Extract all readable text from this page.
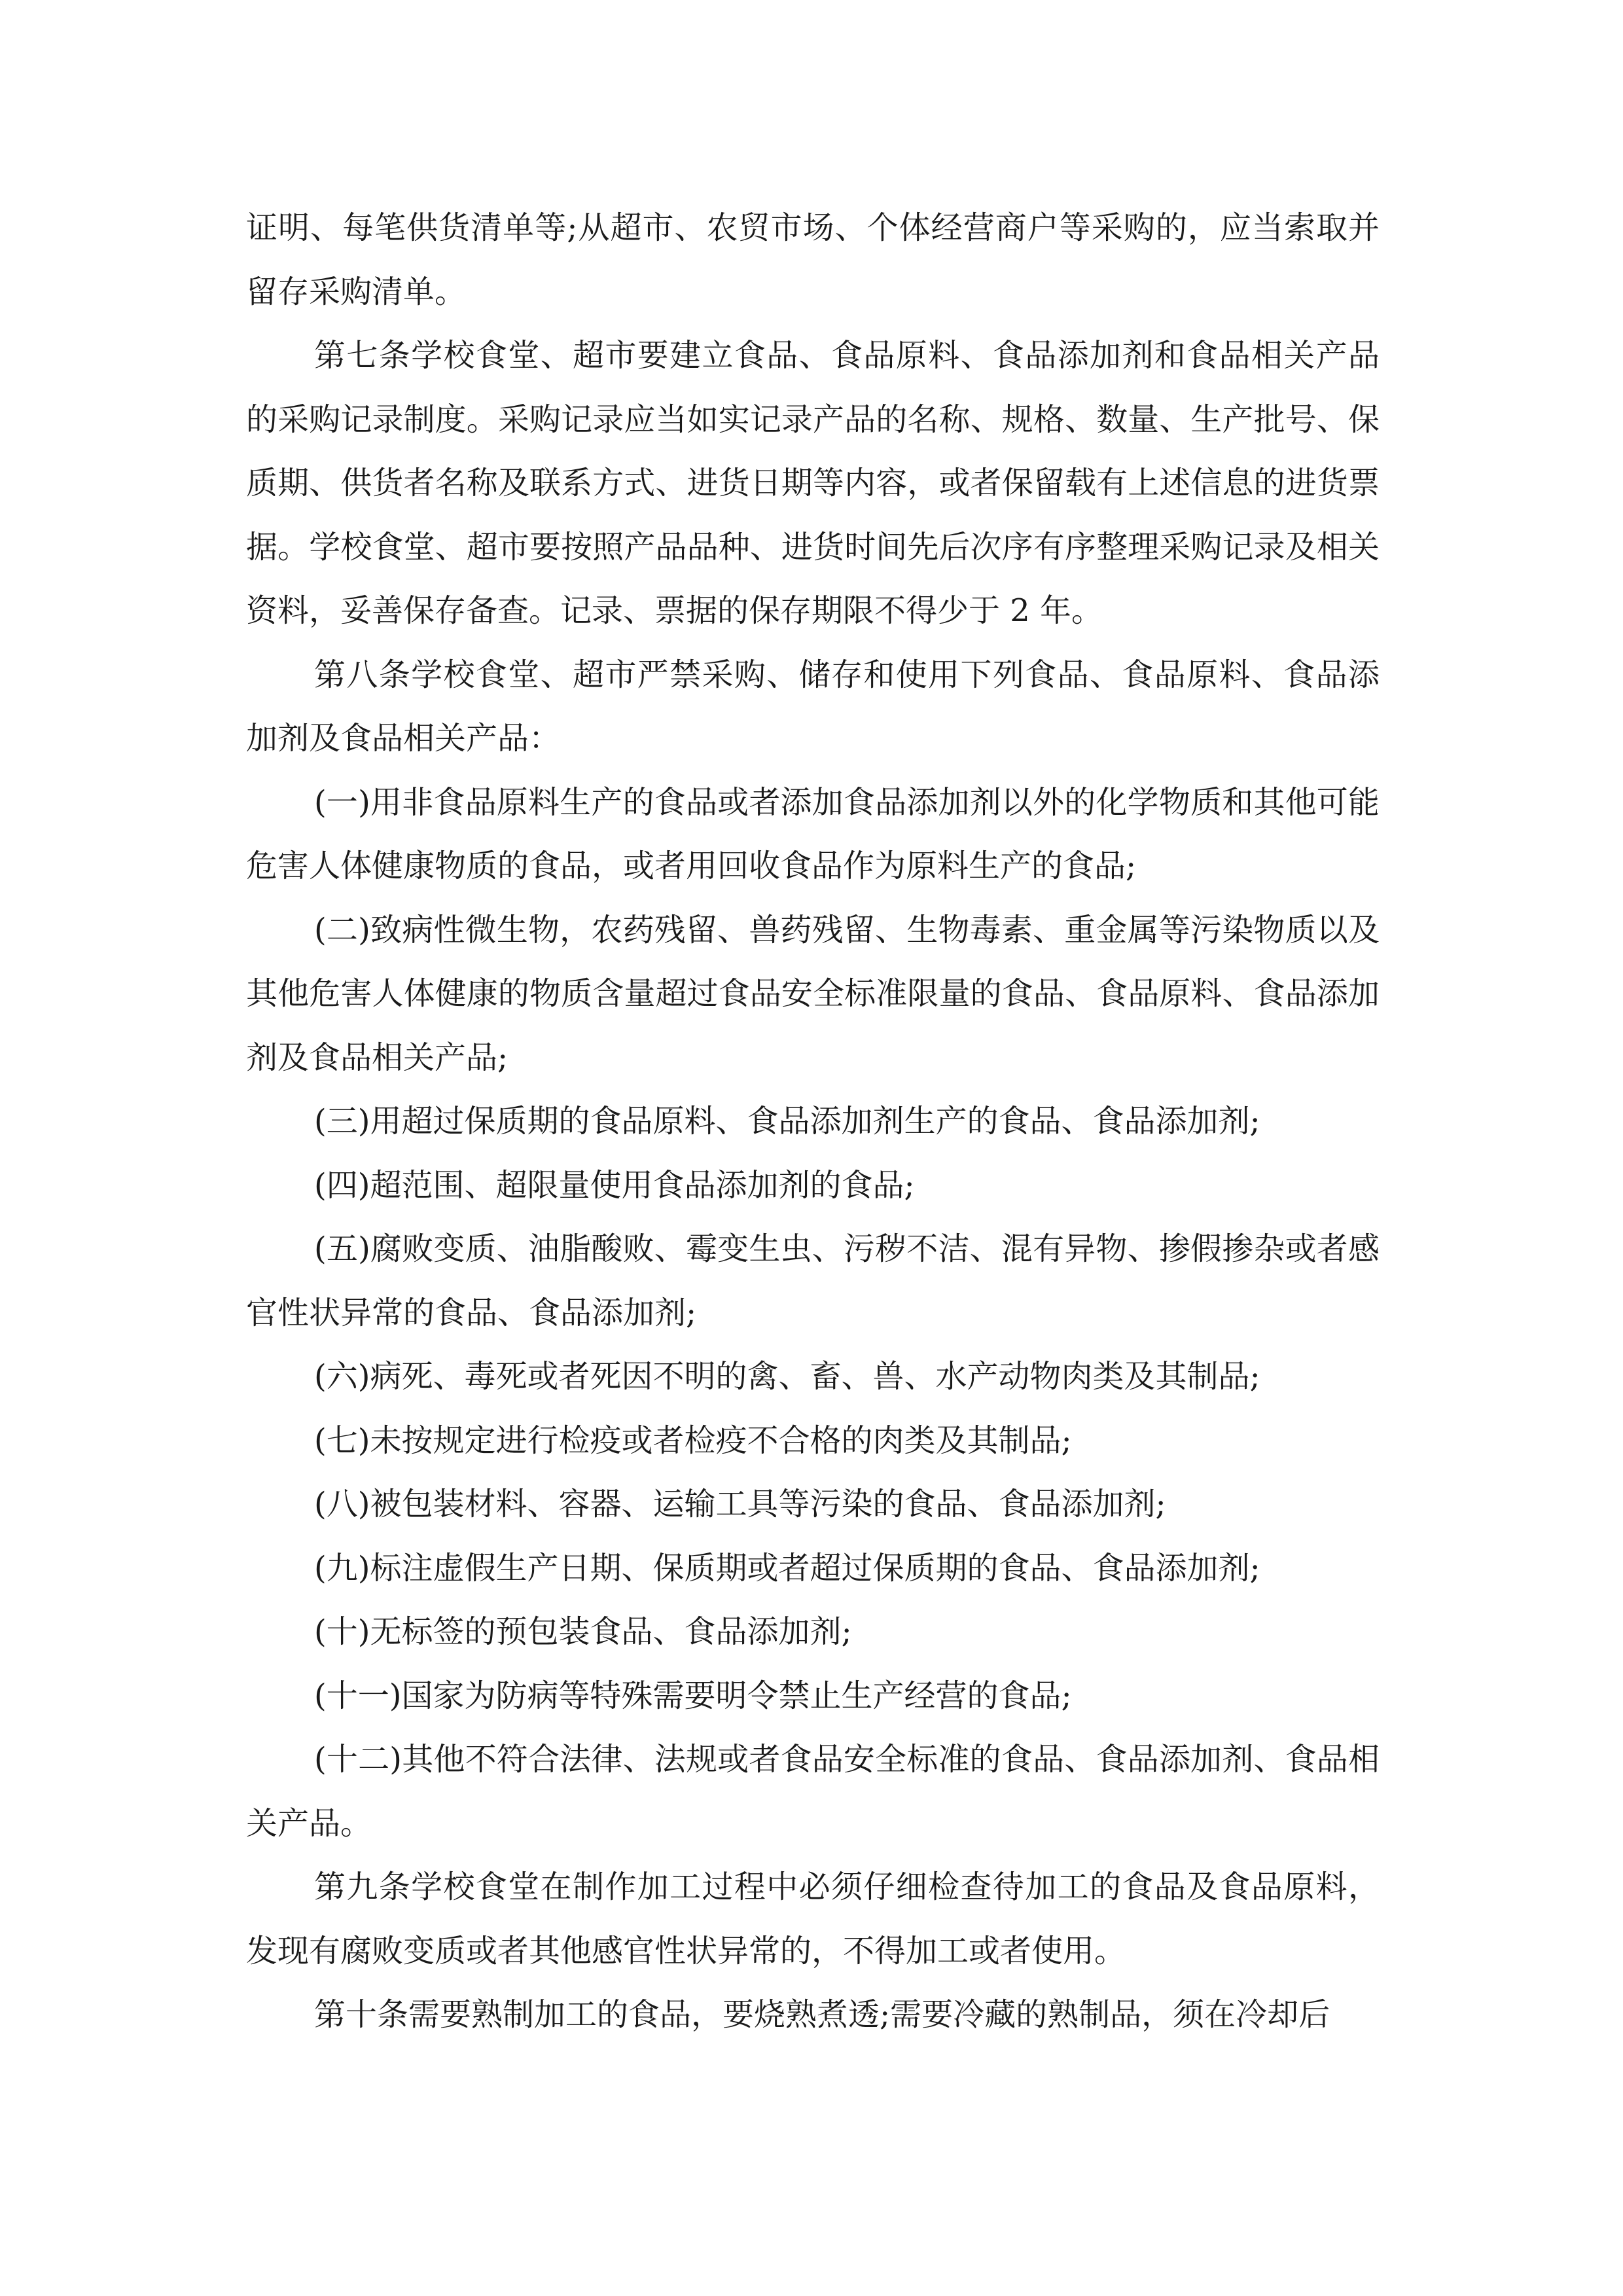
证明、每笔供货清单等;从超市、农贸市场、个体经营商户等采购的，应当索取并留存采购清单。

第七条学校食堂、超市要建立食品、食品原料、食品添加剂和食品相关产品的采购记录制度。采购记录应当如实记录产品的名称、规格、数量、生产批号、保质期、供货者名称及联系方式、进货日期等内容，或者保留载有上述信息的进货票据。学校食堂、超市要按照产品品种、进货时间先后次序有序整理采购记录及相关资料，妥善保存备查。记录、票据的保存期限不得少于 2 年。

第八条学校食堂、超市严禁采购、储存和使用下列食品、食品原料、食品添加剂及食品相关产品：

(一)用非食品原料生产的食品或者添加食品添加剂以外的化学物质和其他可能危害人体健康物质的食品，或者用回收食品作为原料生产的食品;

(二)致病性微生物，农药残留、兽药残留、生物毒素、重金属等污染物质以及其他危害人体健康的物质含量超过食品安全标准限量的食品、食品原料、食品添加剂及食品相关产品;

(三)用超过保质期的食品原料、食品添加剂生产的食品、食品添加剂;

(四)超范围、超限量使用食品添加剂的食品;

(五)腐败变质、油脂酸败、霉变生虫、污秽不洁、混有异物、掺假掺杂或者感官性状异常的食品、食品添加剂;

(六)病死、毒死或者死因不明的禽、畜、兽、水产动物肉类及其制品;

(七)未按规定进行检疫或者检疫不合格的肉类及其制品;

(八)被包装材料、容器、运输工具等污染的食品、食品添加剂;

(九)标注虚假生产日期、保质期或者超过保质期的食品、食品添加剂;

(十)无标签的预包装食品、食品添加剂;

(十一)国家为防病等特殊需要明令禁止生产经营的食品;

(十二)其他不符合法律、法规或者食品安全标准的食品、食品添加剂、食品相关产品。

第九条学校食堂在制作加工过程中必须仔细检查待加工的食品及食品原料，发现有腐败变质或者其他感官性状异常的，不得加工或者使用。

第十条需要熟制加工的食品，要烧熟煮透;需要冷藏的熟制品，须在冷却后
